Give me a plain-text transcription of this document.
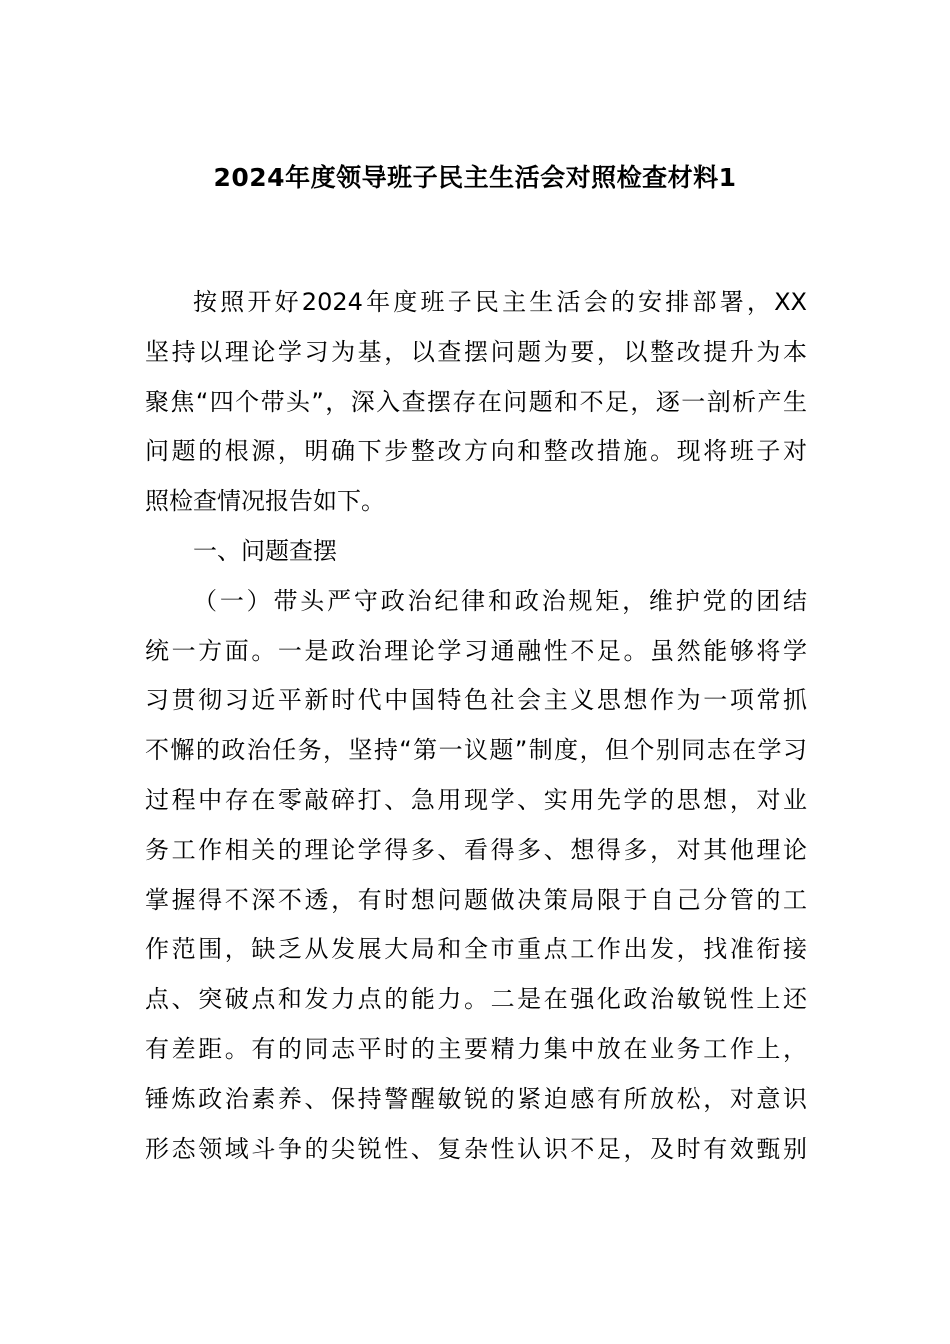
2024年度领导班子民主生活会对照检查材料1
按照开好2024年度班子民主生活会的安排部署，XX
坚持以理论学习为基，以查摆问题为要，以整改提升为本
聚焦“四个带头”，深入查摆存在问题和不足，逐一剖析产生
问题的根源，明确下步整改方向和整改措施。现将班子对
照检查情况报告如下。
一、问题查摆
（一）带头严守政治纪律和政治规矩，维护党的团结
统一方面。一是政治理论学习通融性不足。虽然能够将学
习贯彻习近平新时代中国特色社会主义思想作为一项常抓
不懈的政治任务，坚持“第一议题”制度，但个别同志在学习
过程中存在零敲碎打、急用现学、实用先学的思想，对业
务工作相关的理论学得多、看得多、想得多，对其他理论
掌握得不深不透，有时想问题做决策局限于自己分管的工
作范围，缺乏从发展大局和全市重点工作出发，找准衔接
点、突破点和发力点的能力。二是在强化政治敏锐性上还
有差距。有的同志平时的主要精力集中放在业务工作上，
锤炼政治素养、保持警醒敏锐的紧迫感有所放松，对意识
形态领域斗争的尖锐性、复杂性认识不足，及时有效甄别
